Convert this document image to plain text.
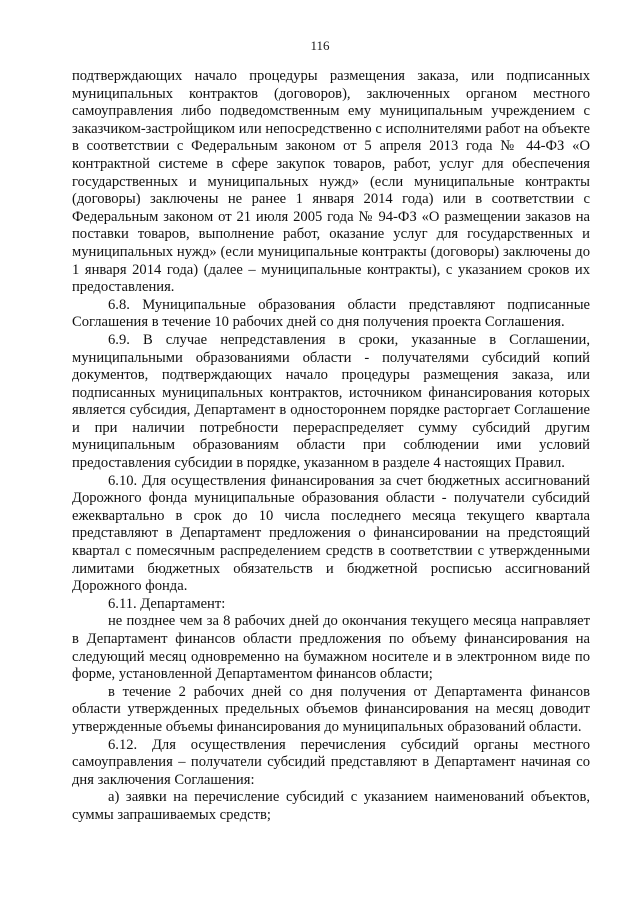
116

подтверждающих начало процедуры размещения заказа, или подписанных муниципальных контрактов (договоров), заключенных органом местного самоуправления либо подведомственным ему муниципальным учреждением с заказчиком-застройщиком или непосредственно с исполнителями работ на объекте в соответствии с Федеральным законом от 5 апреля 2013 года № 44-ФЗ «О контрактной системе в сфере закупок товаров, работ, услуг для обеспечения государственных и муниципальных нужд» (если муниципальные контракты (договоры) заключены не ранее 1 января 2014 года) или в соответствии с Федеральным законом от 21 июля 2005 года № 94-ФЗ «О размещении заказов на поставки товаров, выполнение работ, оказание услуг для государственных и муниципальных нужд» (если муниципальные контракты (договоры) заключены до 1 января 2014 года) (далее – муниципальные контракты), с указанием сроков их предоставления.

6.8. Муниципальные образования области представляют подписанные Соглашения в течение 10 рабочих дней со дня получения проекта Соглашения.

6.9. В случае непредставления в сроки, указанные в Соглашении, муниципальными образованиями области - получателями субсидий копий документов, подтверждающих начало процедуры размещения заказа, или подписанных муниципальных контрактов, источником финансирования которых является субсидия, Департамент в одностороннем порядке расторгает Соглашение и при наличии потребности перераспределяет сумму субсидий другим муниципальным образованиям области при соблюдении ими условий предоставления субсидии в порядке, указанном в разделе 4 настоящих Правил.

6.10. Для осуществления финансирования за счет бюджетных ассигнований Дорожного фонда муниципальные образования области - получатели субсидий ежеквартально в срок до 10 числа последнего месяца текущего квартала представляют в Департамент предложения о финансировании на предстоящий квартал с помесячным распределением средств в соответствии с утвержденными лимитами бюджетных обязательств и бюджетной росписью ассигнований Дорожного фонда.

6.11. Департамент:

не позднее чем за 8 рабочих дней до окончания текущего месяца направляет в Департамент финансов области предложения по объему финансирования на следующий месяц одновременно на бумажном носителе и в электронном виде по форме, установленной Департаментом финансов области;

в течение 2 рабочих дней со дня получения от Департамента финансов области утвержденных предельных объемов финансирования на месяц доводит утвержденные объемы финансирования до муниципальных образований области.

6.12. Для осуществления перечисления субсидий органы местного самоуправления – получатели субсидий представляют в Департамент начиная со дня заключения Соглашения:

а) заявки на перечисление субсидий с указанием наименований объектов, суммы запрашиваемых средств;
